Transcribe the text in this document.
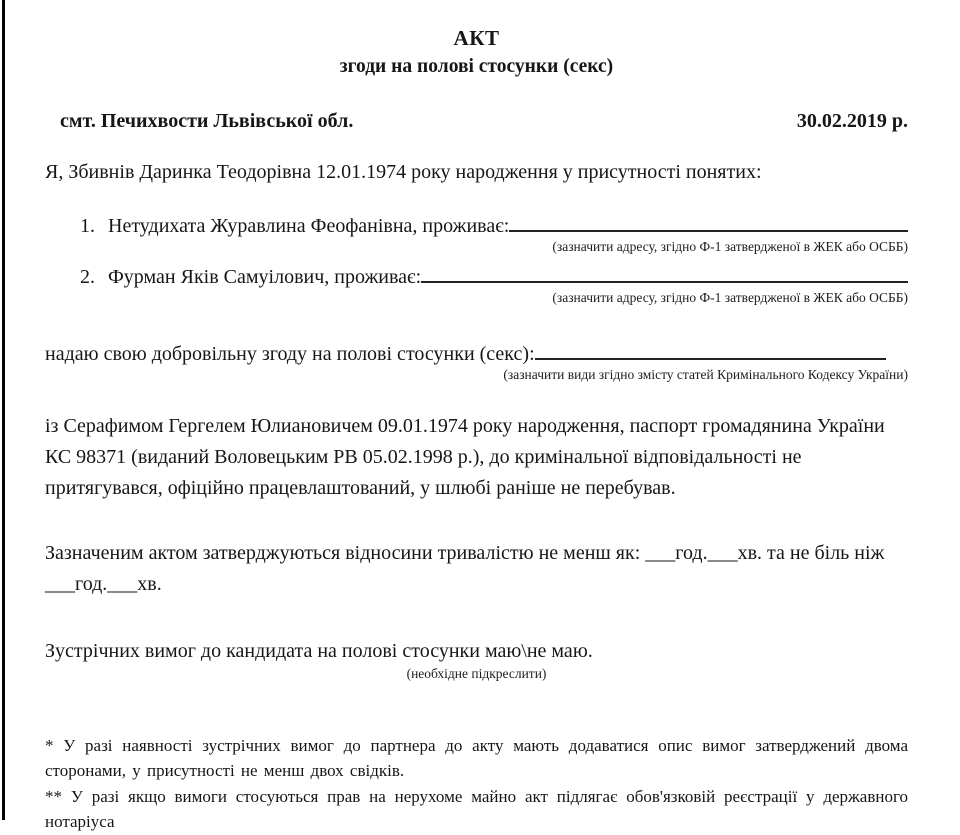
АКТ
згоди на полові стосунки (секс)
смт. Печихвости Львівської обл.	30.02.2019 р.
Я, Збивнів Даринка Теодорівна 12.01.1974 року народження у присутності понятих:
1. Нетудихата Журавлина Феофанівна, проживає:
(зазначити адресу, згідно Ф-1 затвердженої в ЖЕК або ОСББ)
2. Фурман Яків Самуілович, проживає:
(зазначити адресу, згідно Ф-1 затвердженої в ЖЕК або ОСББ)
надаю свою добровільну згоду на полові стосунки (секс):
(зазначити види згідно змісту статей Кримінального Кодексу України)
із Серафимом Гергелем Юлиановичем 09.01.1974 року народження, паспорт громадянина України КС 98371 (виданий Воловецьким РВ 05.02.1998 р.), до кримінальної відповідальності не притягувався, офіційно працевлаштований, у шлюбі раніше не перебував.
Зазначеним актом затверджуються відносини тривалістю не менш як: ___год.___хв. та не біль ніж ___год.___хв.
Зустрічних вимог до кандидата на полові стосунки маю\не маю.
(необхідне підкреслити)

* У разі наявності зустрічних вимог до партнера до акту мають додаватися опис вимог затверджений двома сторонами, у присутності не менш двох свідків.

** У разі якщо вимоги стосуються прав на нерухоме майно акт підлягає обов'язковій реєстрації у державного нотаріуса
